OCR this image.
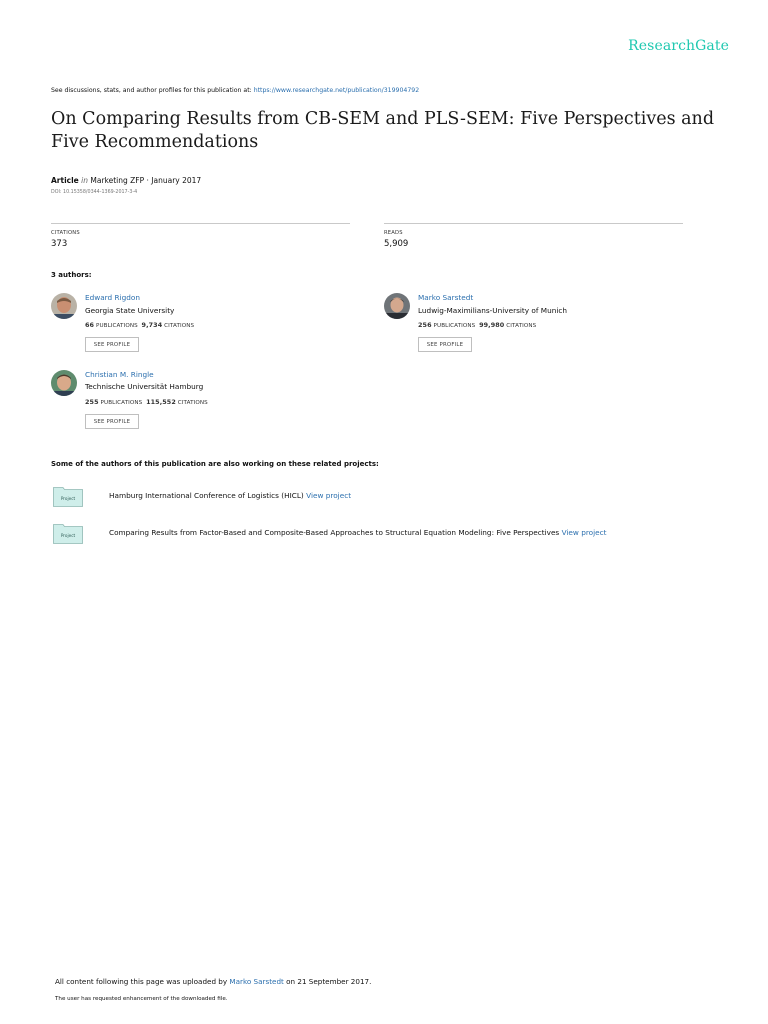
ResearchGate
See discussions, stats, and author profiles for this publication at: https://www.researchgate.net/publication/319904792
On Comparing Results from CB-SEM and PLS-SEM: Five Perspectives and Five Recommendations
Article in Marketing ZFP · January 2017
DOI: 10.15358/0344-1369-2017-3-4
CITATIONS
373
READS
5,909
3 authors:
Edward Rigdon
Georgia State University
66 PUBLICATIONS 9,734 CITATIONS
SEE PROFILE
Marko Sarstedt
Ludwig-Maximilians-University of Munich
256 PUBLICATIONS 99,980 CITATIONS
SEE PROFILE
Christian M. Ringle
Technische Universität Hamburg
255 PUBLICATIONS 115,552 CITATIONS
SEE PROFILE
Some of the authors of this publication are also working on these related projects:
Project	Hamburg International Conference of Logistics (HICL) View project
Project	Comparing Results from Factor-Based and Composite-Based Approaches to Structural Equation Modeling: Five Perspectives View project
All content following this page was uploaded by Marko Sarstedt on 21 September 2017.
The user has requested enhancement of the downloaded file.
